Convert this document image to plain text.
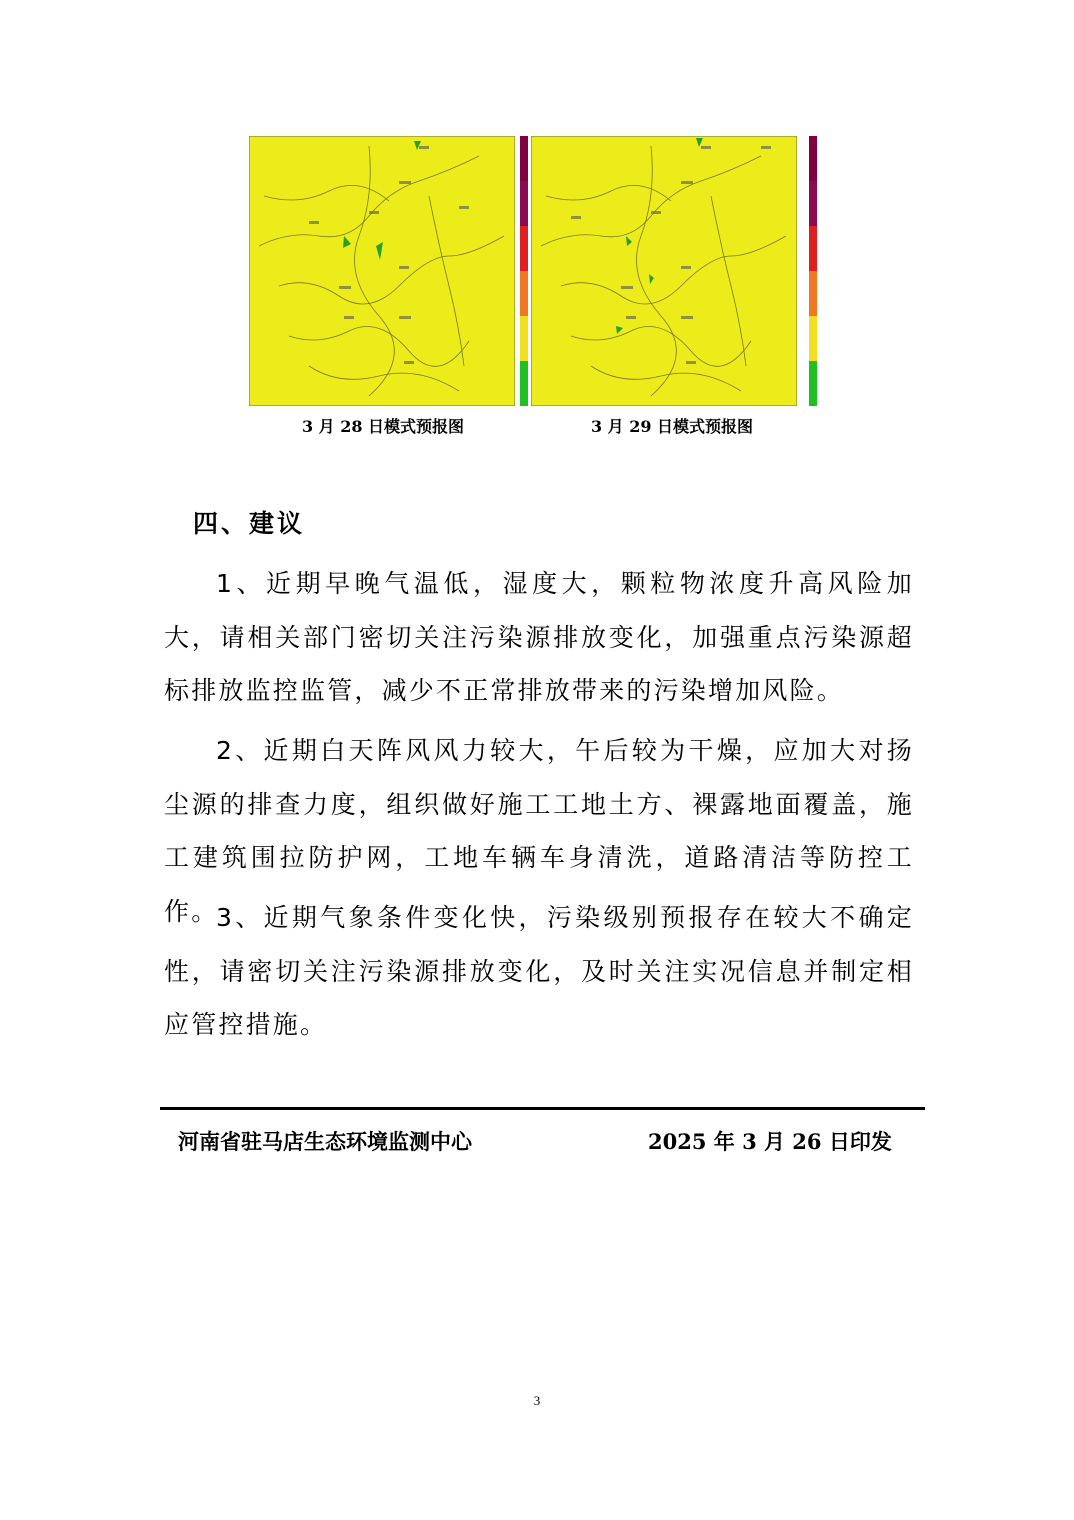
3 月 28 日模式预报图	3 月 29 日模式预报图
四、建议
1、近期早晚气温低，湿度大，颗粒物浓度升高风险加大，请相关部门密切关注污染源排放变化，加强重点污染源超标排放监控监管，减少不正常排放带来的污染增加风险。
2、近期白天阵风风力较大，午后较为干燥，应加大对扬尘源的排查力度，组织做好施工工地土方、裸露地面覆盖，施工建筑围拉防护网，工地车辆车身清洗，道路清洁等防控工作。
3、近期气象条件变化快，污染级别预报存在较大不确定性，请密切关注污染源排放变化，及时关注实况信息并制定相应管控措施。
河南省驻马店生态环境监测中心	2025 年 3 月 26 日印发
3
